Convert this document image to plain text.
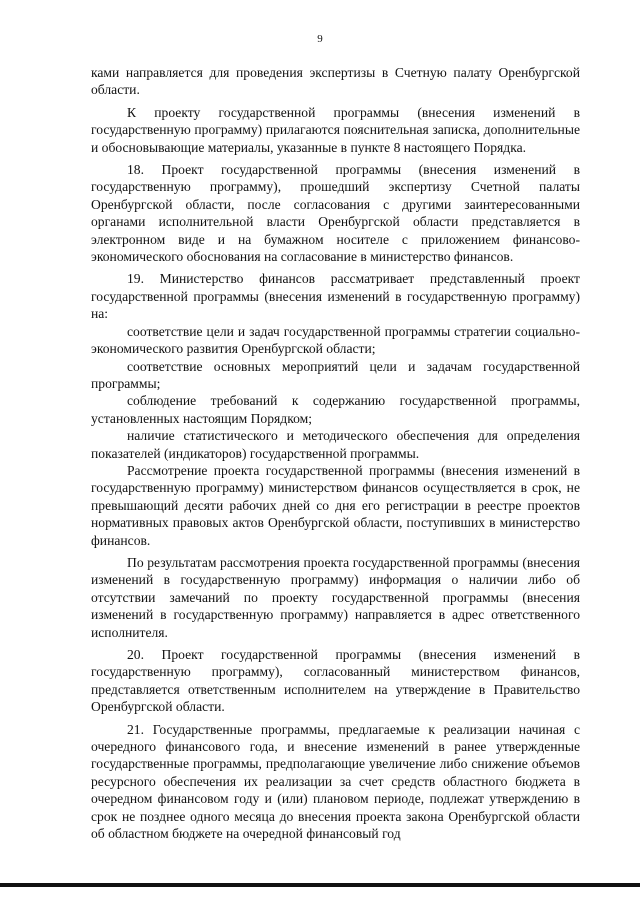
9

ками направляется для проведения экспертизы в Счетную палату Оренбургской области.

К проекту государственной программы (внесения изменений в государственную программу) прилагаются пояснительная записка, дополнительные и обосновывающие материалы, указанные в пункте 8 настоящего Порядка.

18. Проект государственной программы (внесения изменений в государственную программу), прошедший экспертизу Счетной палаты Оренбургской области, после согласования с другими заинтересованными органами исполнительной власти Оренбургской области представляется в электронном виде и на бумажном носителе с приложением финансово-экономического обоснования на согласование в министерство финансов.

19. Министерство финансов рассматривает представленный проект государственной программы (внесения изменений в государственную программу) на:

соответствие цели и задач государственной программы стратегии социально-экономического развития Оренбургской области;

соответствие основных мероприятий цели и задачам государственной программы;

соблюдение требований к содержанию государственной программы, установленных настоящим Порядком;

наличие статистического и методического обеспечения для определения показателей (индикаторов) государственной программы.

Рассмотрение проекта государственной программы (внесения изменений в государственную программу) министерством финансов осуществляется в срок, не превышающий десяти рабочих дней со дня его регистрации в реестре проектов нормативных правовых актов Оренбургской области, поступивших в министерство финансов.

По результатам рассмотрения проекта государственной программы (внесения изменений в государственную программу) информация о наличии либо об отсутствии замечаний по проекту государственной программы (внесения изменений в государственную программу) направляется в адрес ответственного исполнителя.

20. Проект государственной программы (внесения изменений в государственную программу), согласованный министерством финансов, представляется ответственным исполнителем на утверждение в Правительство Оренбургской области.

21. Государственные программы, предлагаемые к реализации начиная с очередного финансового года, и внесение изменений в ранее утвержденные государственные программы, предполагающие увеличение либо снижение объемов ресурсного обеспечения их реализации за счет средств областного бюджета в очередном финансовом году и (или) плановом периоде, подлежат утверждению в срок не позднее одного месяца до внесения проекта закона Оренбургской области об областном бюджете на очередной финансовый год
